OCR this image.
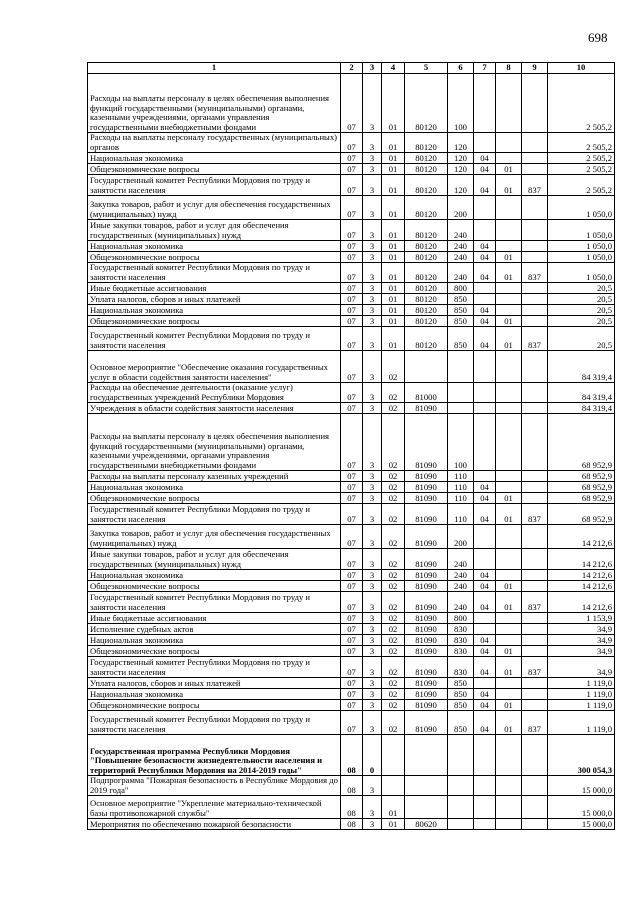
698
1	2	3	4	5	6	7	8	9	10
Расходы на выплаты персоналу в целях обеспечения выполнения функций государственными (муниципальными) органами, казенными учреждениями, органами управления государственными внебюджетными фондами	07	3	01	80120	100				2 505,2
Расходы на выплаты персоналу государственных (муниципальных) органов	07	3	01	80120	120				2 505,2
Национальная экономика	07	3	01	80120	120	04			2 505,2
Общеэкономические вопросы	07	3	01	80120	120	04	01		2 505,2
Государственный комитет Республики Мордовия по труду и занятости населения	07	3	01	80120	120	04	01	837	2 505,2
Закупка товаров, работ и услуг для обеспечения государственных (муниципальных) нужд	07	3	01	80120	200				1 050,0
Иные закупки товаров, работ и услуг для обеспечения государственных (муниципальных) нужд	07	3	01	80120	240				1 050,0
Национальная экономика	07	3	01	80120	240	04			1 050,0
Общеэкономические вопросы	07	3	01	80120	240	04	01		1 050,0
Государственный комитет Республики Мордовия по труду и занятости населения	07	3	01	80120	240	04	01	837	1 050,0
Иные бюджетные ассигнования	07	3	01	80120	800				20,5
Уплата налогов, сборов и иных платежей	07	3	01	80120	850				20,5
Национальная экономика	07	3	01	80120	850	04			20,5
Общеэкономические вопросы	07	3	01	80120	850	04	01		20,5
Государственный комитет Республики Мордовия по труду и занятости населения	07	3	01	80120	850	04	01	837	20,5
Основное мероприятие "Обеспечение оказания государственных услуг в области содействия занятости населения"	07	3	02						84 319,4
Расходы на обеспечение деятельности (оказание услуг) государственных учреждений Республики Мордовия	07	3	02	81000					84 319,4
Учреждения в области содействия занятости населения	07	3	02	81090					84 319,4
Расходы на выплаты персоналу в целях обеспечения выполнения функций государственными (муниципальными) органами, казенными учреждениями, органами управления государственными внебюджетными фондами	07	3	02	81090	100				68 952,9
Расходы на выплаты персоналу казенных учреждений	07	3	02	81090	110				68 952,9
Национальная экономика	07	3	02	81090	110	04			68 952,9
Общеэкономические вопросы	07	3	02	81090	110	04	01		68 952,9
Государственный комитет Республики Мордовия по труду и занятости населения	07	3	02	81090	110	04	01	837	68 952,9
Закупка товаров, работ и услуг для обеспечения государственных (муниципальных) нужд	07	3	02	81090	200				14 212,6
Иные закупки товаров, работ и услуг для обеспечения государственных (муниципальных) нужд	07	3	02	81090	240				14 212,6
Национальная экономика	07	3	02	81090	240	04			14 212,6
Общеэкономические вопросы	07	3	02	81090	240	04	01		14 212,6
Государственный комитет Республики Мордовия по труду и занятости населения	07	3	02	81090	240	04	01	837	14 212,6
Иные бюджетные ассигнования	07	3	02	81090	800				1 153,9
Исполнение судебных актов	07	3	02	81090	830				34,9
Национальная экономика	07	3	02	81090	830	04			34,9
Общеэкономические вопросы	07	3	02	81090	830	04	01		34,9
Государственный комитет Республики Мордовия по труду и занятости населения	07	3	02	81090	830	04	01	837	34,9
Уплата налогов, сборов и иных платежей	07	3	02	81090	850				1 119,0
Национальная экономика	07	3	02	81090	850	04			1 119,0
Общеэкономические вопросы	07	3	02	81090	850	04	01		1 119,0
Государственный комитет Республики Мордовия по труду и занятости населения	07	3	02	81090	850	04	01	837	1 119,0
Государственная программа Республики Мордовия "Повышение безопасности жизнедеятельности населения и территорий Республики Мордовия на 2014-2019 годы"	08	0							300 054,3
Подпрограмма "Пожарная безопасность в Республике Мордовия до 2019 года"	08	3							15 000,0
Основное мероприятие "Укрепление материально-технической базы противопожарной службы"	08	3	01						15 000,0
Мероприятия по обеспечению пожарной безопасности	08	3	01	80620					15 000,0
